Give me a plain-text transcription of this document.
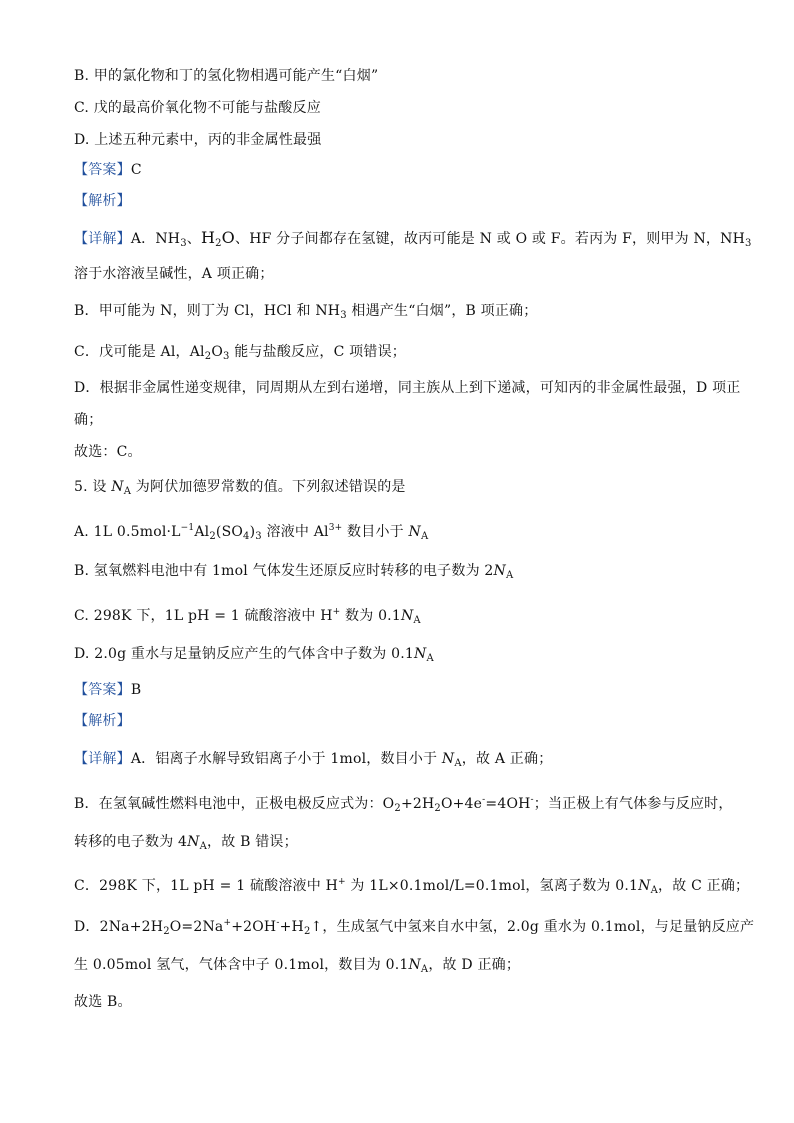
B. 甲的氯化物和丁的氢化物相遇可能产生“白烟”
C. 戊的最高价氧化物不可能与盐酸反应
D. 上述五种元素中，丙的非金属性最强
【答案】C
【解析】
【详解】A．$NH_3$、$H_2O$、HF 分子间都存在氢键，故丙可能是 N 或 O 或 F。若丙为 F，则甲为 N，$NH_3$
溶于水溶液呈碱性，A 项正确；
B．甲可能为 N，则丁为 Cl，HCl 和 $NH_3$ 相遇产生“白烟”，B 项正确；
C．戊可能是 Al，$Al_2O_3$ 能与盐酸反应，C 项错误；
D．根据非金属性递变规律，同周期从左到右递增，同主族从上到下递减，可知丙的非金属性最强，D 项正
确；
故选：C。
5. 设 $N_A$ 为阿伏加德罗常数的值。下列叙述错误的是
A. 1L $0.5mol\cdot L^{-1}Al_2(SO_4)_3$ 溶液中 $Al^{3+}$ 数目小于 $N_A$
B. 氢氧燃料电池中有 1mol 气体发生还原反应时转移的电子数为 $2N_A$
C. 298K 下，1L pH = 1 硫酸溶液中 H+ 数为 $0.1N_A$
D. 2.0g 重水与足量钠反应产生的气体含中子数为 $0.1N_A$
【答案】B
【解析】
【详解】A．铝离子水解导致铝离子小于 1mol，数目小于 $N_A$，故 A 正确；
B．在氢氧碱性燃料电池中，正极电极反应式为：$O_2+2H_2O+4e^-=4OH^-$；当正极上有气体参与反应时，
转移的电子数为 $4N_A$，故 B 错误；
C．298K 下，1L pH = 1 硫酸溶液中 H+ 为 1L×0.1mol/L=0.1mol，氢离子数为 $0.1N_A$，故 C 正确；
D．$2Na+2H_2O=2Na^++2OH^-+H_2↑$，生成氢气中氢来自水中氢，2.0g 重水为 0.1mol，与足量钠反应产
生 0.05mol 氢气，气体含中子 0.1mol，数目为 $0.1N_A$，故 D 正确；
故选 B。
